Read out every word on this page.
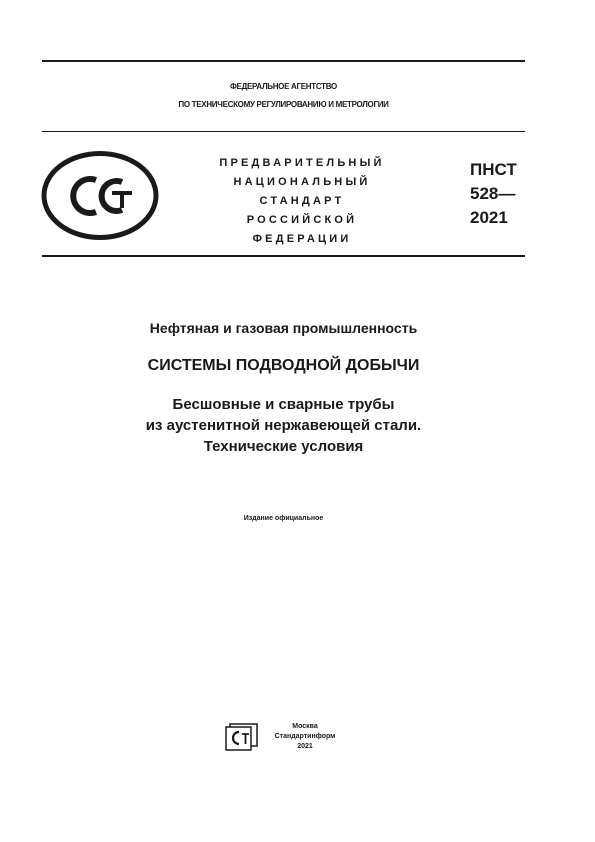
ФЕДЕРАЛЬНОЕ АГЕНТСТВО
ПО ТЕХНИЧЕСКОМУ РЕГУЛИРОВАНИЮ И МЕТРОЛОГИИ
ПРЕДВАРИТЕЛЬНЫЙ
НАЦИОНАЛЬНЫЙ
СТАНДАРТ
РОССИЙСКОЙ
ФЕДЕРАЦИИ
ПНСТ
528—
2021
Нефтяная и газовая промышленность
СИСТЕМЫ ПОДВОДНОЙ ДОБЫЧИ
Бесшовные и сварные трубы
из аустенитной нержавеющей стали.
Технические условия
Издание официальное
Москва
Стандартинформ
2021
